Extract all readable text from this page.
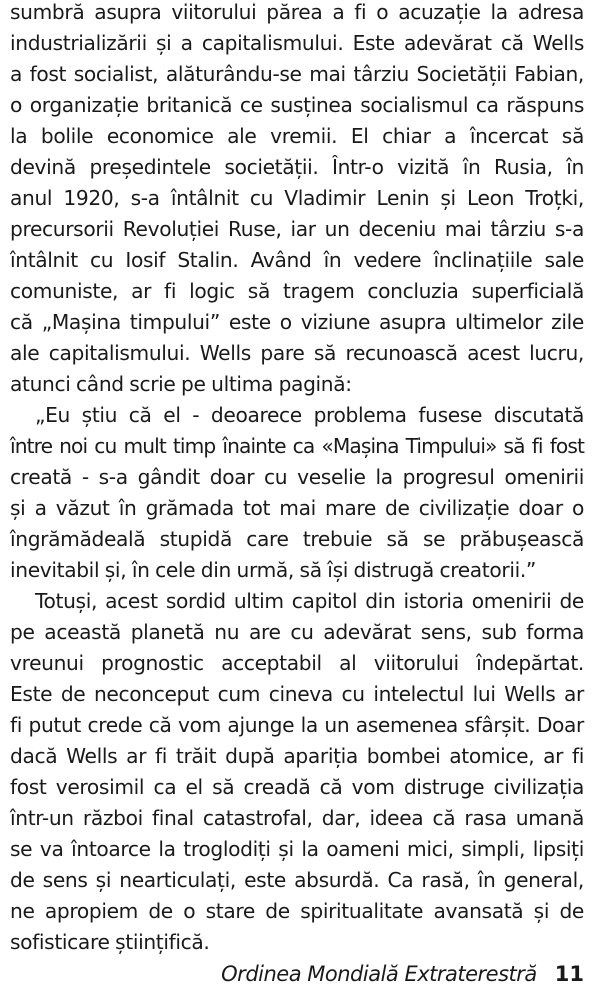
sumbră asupra viitorului părea a fi o acuzație la adresa
industrializării și a capitalismului. Este adevărat că Wells
a fost socialist, alăturându-se mai târziu Societății Fabian,
o organizație britanică ce susținea socialismul ca răspuns
la bolile economice ale vremii. El chiar a încercat să
devină președintele societății. Într-o vizită în Rusia, în
anul 1920, s-a întâlnit cu Vladimir Lenin și Leon Troțki,
precursorii Revoluției Ruse, iar un deceniu mai târziu s-a
întâlnit cu Iosif Stalin. Având în vedere înclinațiile sale
comuniste, ar fi logic să tragem concluzia superficială
că „Mașina timpului” este o viziune asupra ultimelor zile
ale capitalismului. Wells pare să recunoască acest lucru,
atunci când scrie pe ultima pagină:
„Eu știu că el - deoarece problema fusese discutată
între noi cu mult timp înainte ca «Mașina Timpului» să fi fost
creată - s-a gândit doar cu veselie la progresul omenirii
și a văzut în grămada tot mai mare de civilizație doar o
îngrămădeală stupidă care trebuie să se prăbușească
inevitabil și, în cele din urmă, să își distrugă creatorii.”
Totuși, acest sordid ultim capitol din istoria omenirii de
pe această planetă nu are cu adevărat sens, sub forma
vreunui prognostic acceptabil al viitorului îndepărtat.
Este de neconceput cum cineva cu intelectul lui Wells ar
fi putut crede că vom ajunge la un asemenea sfârșit. Doar
dacă Wells ar fi trăit după apariția bombei atomice, ar fi
fost verosimil ca el să creadă că vom distruge civilizația
într-un război final catastrofal, dar, ideea că rasa umană
se va întoarce la troglodiți și la oameni mici, simpli, lipsiți
de sens și nearticulați, este absurdă. Ca rasă, în general,
ne apropiem de o stare de spiritualitate avansată și de
sofisticare științifică.
Ordinea Mondială Extraterestră 11
